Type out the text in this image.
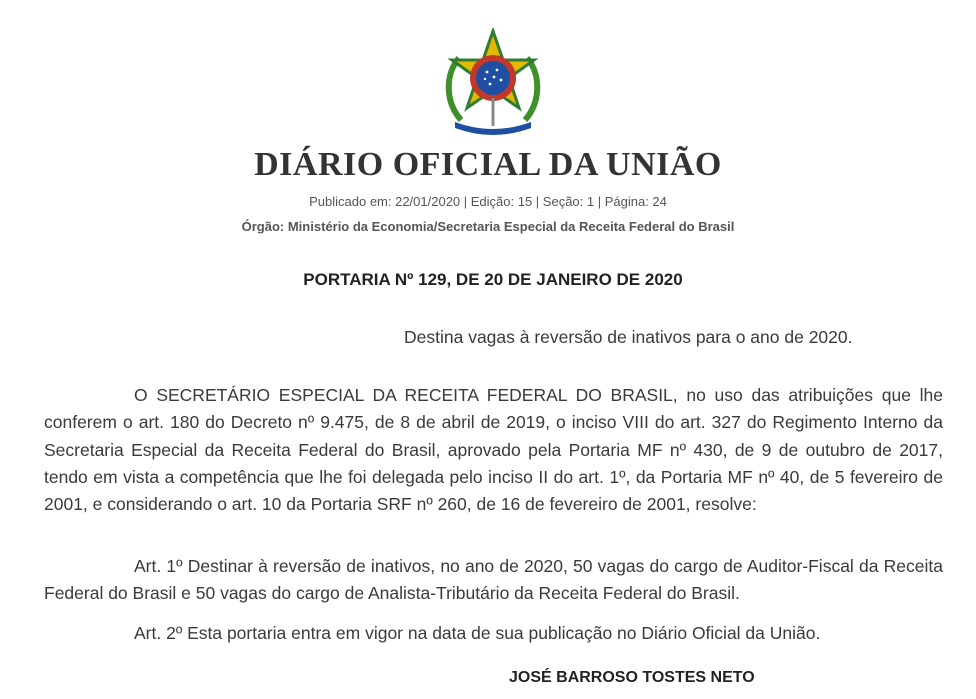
DIÁRIO OFICIAL DA UNIÃO
Publicado em: 22/01/2020 | Edição: 15 | Seção: 1 | Página: 24
Órgão: Ministério da Economia/Secretaria Especial da Receita Federal do Brasil
PORTARIA Nº 129, DE 20 DE JANEIRO DE 2020
Destina vagas à reversão de inativos para o ano de 2020.
O SECRETÁRIO ESPECIAL DA RECEITA FEDERAL DO BRASIL, no uso das atribuições que lhe conferem o art. 180 do Decreto nº 9.475, de 8 de abril de 2019, o inciso VIII do art. 327 do Regimento Interno da Secretaria Especial da Receita Federal do Brasil, aprovado pela Portaria MF nº 430, de 9 de outubro de 2017, tendo em vista a competência que lhe foi delegada pelo inciso II do art. 1º, da Portaria MF nº 40, de 5 fevereiro de 2001, e considerando o art. 10 da Portaria SRF nº 260, de 16 de fevereiro de 2001, resolve:
Art. 1º Destinar à reversão de inativos, no ano de 2020, 50 vagas do cargo de Auditor-Fiscal da Receita Federal do Brasil e 50 vagas do cargo de Analista-Tributário da Receita Federal do Brasil.
Art. 2º Esta portaria entra em vigor na data de sua publicação no Diário Oficial da União.
JOSÉ BARROSO TOSTES NETO
